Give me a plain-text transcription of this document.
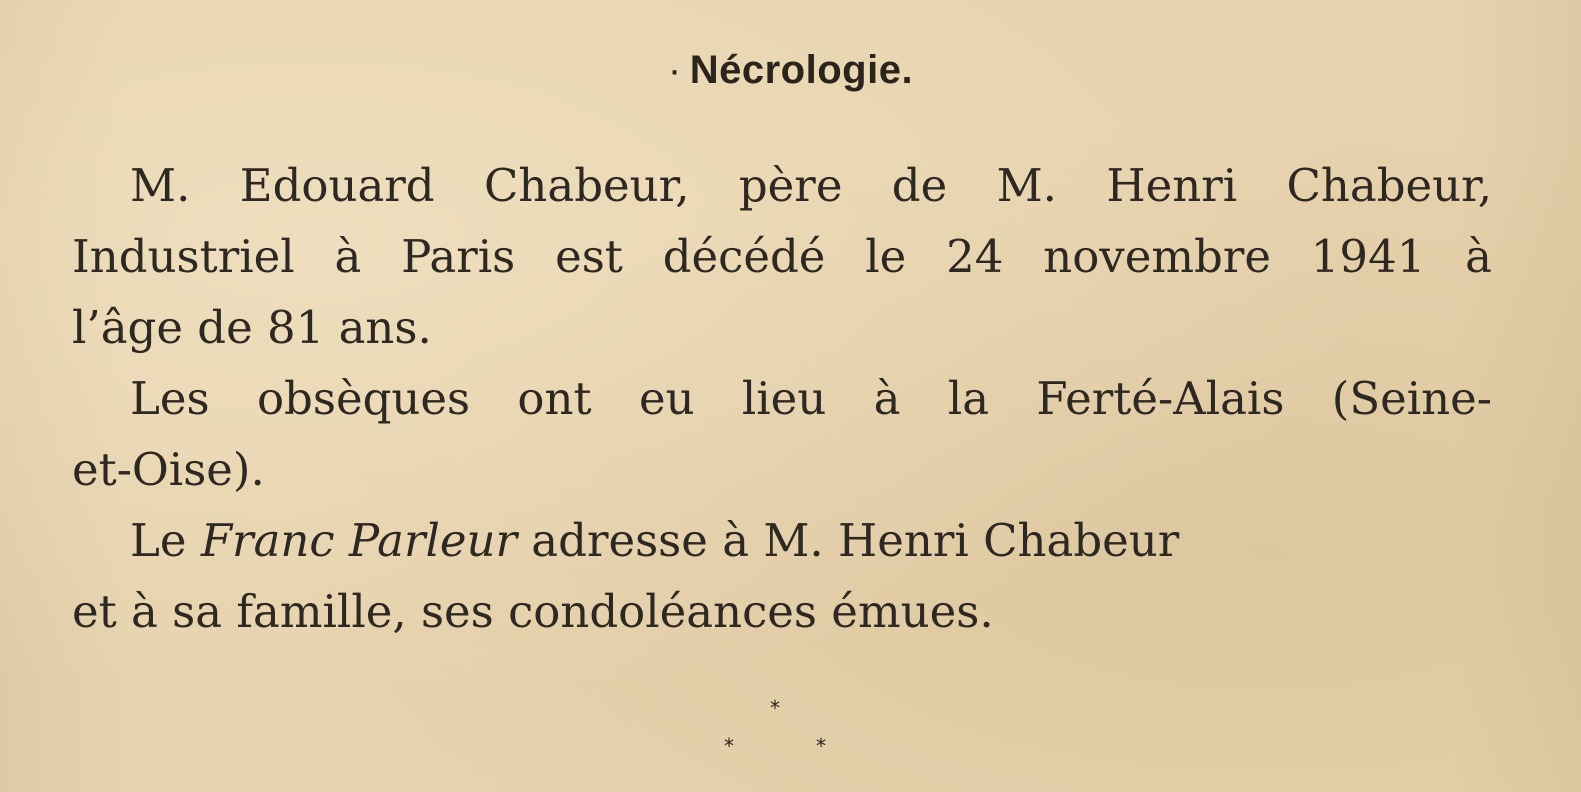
· Nécrologie.
M. Edouard Chabeur, père de M. Henri Chabeur,
Industriel à Paris est décédé le 24 novembre 1941 à
l’âge de 81 ans.
Les obsèques ont eu lieu à la Ferté-Alais (Seine-
et-Oise).
Le Franc Parleur adresse à M. Henri Chabeur
et à sa famille, ses condoléances émues.
*
*	*
